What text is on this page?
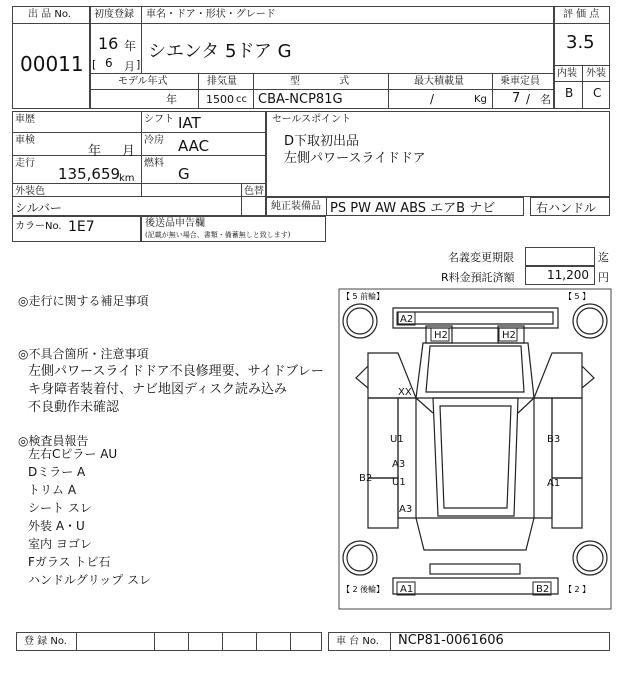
出 品 No.
00011
初度登録 車名・ドア・形状・グレード
16 年
[ 6 月 ]
シエンタ 5ドア G
モデル年式	排気量	型 式	最大積載量	乗車定員
年	1500 cc CBA-NCP81G	/	Kg 7 / 名
評 価 点
3.5
内装 外装
B C
車歴
車検
年 月
走行
135,659
km
シフト IAT
冷房 AAC
燃料
G
セールスポイント
D下取初出品
左側パワースライドドア
外装色
シルバー
色替
純正装備品 PS PW AW ABS エアB ナビ	右ハンドル
カラーNo. 1E7	後送品申告欄
(記載が無い場合、書類・備蓄無しと致します)
名義変更期限	迄
R料金預託済額	11,200 円
◎走行に関する補足事項
◎不具合箇所・注意事項
左側パワースライドドア不良修理要、サイドブレー
キ身障者装着付、ナビ地図ディスク読み込み
不良動作未確認
◎検査員報告
左右Cピラー AU
Dミラー A
トリム A
シート スレ
外装 A・U
室内 ヨゴレ
Fガラス トビ石
ハンドルグリップ スレ
【 5 前輪】	【 5 】
【 2 後輪】	【 2 】
A2
H2	H2
XX
U1	B3
A3
B2 U1	A1
A3
A1	B2
登 録 No.	車 台 No. NCP81-0061606
